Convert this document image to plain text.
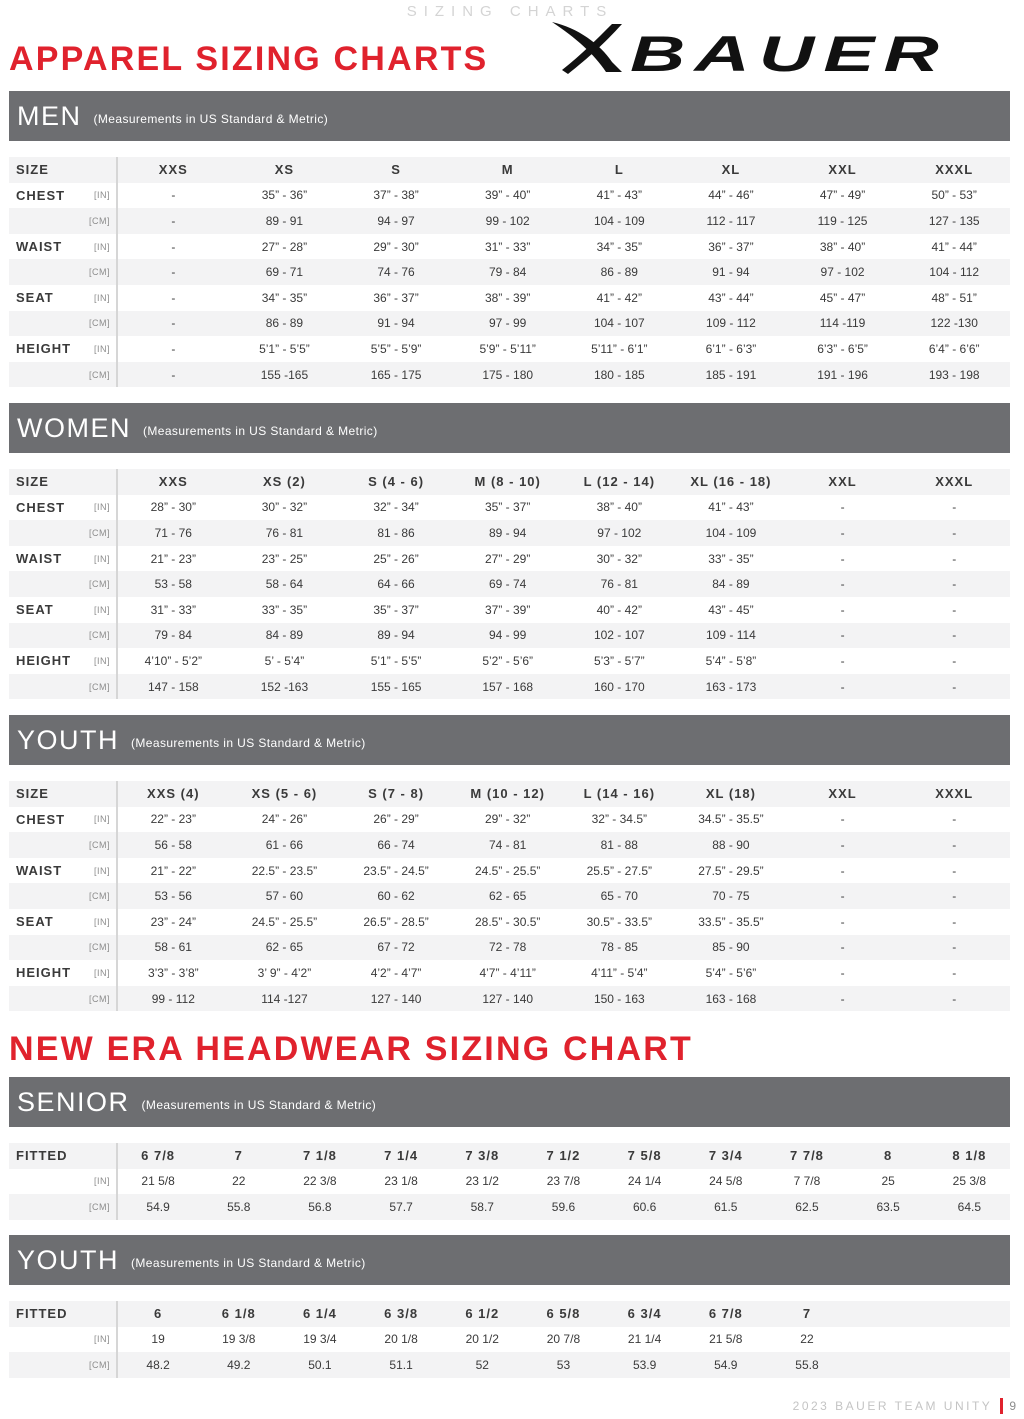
SIZING CHARTS
APPAREL SIZING CHARTS	BAUER
MEN (Measurements in US Standard & Metric)
SIZE		XXS	XS	S	M	L	XL	XXL	XXXL
CHEST	[IN]	-	35” - 36”	37” - 38”	39” - 40”	41” - 43”	44” - 46”	47” - 49”	50” - 53”
	[CM]	-	89 - 91	94 - 97	99 - 102	104 - 109	112 - 117	119 - 125	127 - 135
WAIST	[IN]	-	27” - 28”	29” - 30”	31” - 33”	34” - 35”	36” - 37”	38” - 40”	41” - 44”
	[CM]	-	69 - 71	74 - 76	79 - 84	86 - 89	91 - 94	97 - 102	104 - 112
SEAT	[IN]	-	34” - 35”	36” - 37”	38” - 39”	41” - 42”	43” - 44”	45” - 47”	48” - 51”
	[CM]	-	86 - 89	91 - 94	97 - 99	104 - 107	109 - 112	114 -119	122 -130
HEIGHT	[IN]	-	5’1” - 5’5”	5’5” - 5’9”	5’9” - 5’11”	5’11” - 6’1”	6’1” - 6’3”	6’3” - 6’5”	6’4” - 6’6”
	[CM]	-	155 -165	165 - 175	175 - 180	180 - 185	185 - 191	191 - 196	193 - 198
WOMEN (Measurements in US Standard & Metric)
SIZE		XXS	XS (2)	S (4 - 6)	M (8 - 10)	L (12 - 14)	XL (16 - 18)	XXL	XXXL
CHEST	[IN]	28” - 30”	30” - 32”	32” - 34”	35” - 37”	38” - 40”	41” - 43”	-	-
	[CM]	71 - 76	76 - 81	81 - 86	89 - 94	97 - 102	104 - 109	-	-
WAIST	[IN]	21” - 23”	23” - 25”	25” - 26”	27” - 29”	30” - 32”	33” - 35”	-	-
	[CM]	53 - 58	58 - 64	64 - 66	69 - 74	76 - 81	84 - 89	-	-
SEAT	[IN]	31” - 33”	33” - 35”	35” - 37”	37” - 39”	40” - 42”	43” - 45”	-	-
	[CM]	79 - 84	84 - 89	89 - 94	94 - 99	102 - 107	109 - 114	-	-
HEIGHT	[IN]	4’10” - 5’2”	5’ - 5’4”	5’1” - 5’5”	5’2” - 5’6”	5’3” - 5’7”	5’4” - 5’8”	-	-
	[CM]	147 - 158	152 -163	155 - 165	157 - 168	160 - 170	163 - 173	-	-
YOUTH (Measurements in US Standard & Metric)
SIZE		XXS (4)	XS (5 - 6)	S (7 - 8)	M (10 - 12)	L (14 - 16)	XL (18)	XXL	XXXL
CHEST	[IN]	22” - 23”	24” - 26”	26” - 29”	29” - 32”	32” - 34.5”	34.5” - 35.5”	-	-
	[CM]	56 - 58	61 - 66	66 - 74	74 - 81	81 - 88	88 - 90	-	-
WAIST	[IN]	21” - 22”	22.5” - 23.5”	23.5” - 24.5”	24.5” - 25.5”	25.5” - 27.5”	27.5” - 29.5”	-	-
	[CM]	53 - 56	57 - 60	60 - 62	62 - 65	65 - 70	70 - 75	-	-
SEAT	[IN]	23” - 24”	24.5” - 25.5”	26.5” - 28.5”	28.5” - 30.5”	30.5” - 33.5”	33.5” - 35.5”	-	-
	[CM]	58 - 61	62 - 65	67 - 72	72 - 78	78 - 85	85 - 90	-	-
HEIGHT	[IN]	3’3” - 3’8”	3’ 9” - 4’2”	4’2” - 4’7”	4’7” - 4’11”	4’11” - 5’4”	5’4” - 5’6”	-	-
	[CM]	99 - 112	114 -127	127 - 140	127 - 140	150 - 163	163 - 168	-	-
NEW ERA HEADWEAR SIZING CHART
SENIOR (Measurements in US Standard & Metric)
FITTED		6 7/8	7	7 1/8	7 1/4	7 3/8	7 1/2	7 5/8	7 3/4	7 7/8	8	8 1/8
	[IN]	21 5/8	22	22 3/8	23 1/8	23 1/2	23 7/8	24 1/4	24 5/8	7 7/8	25	25 3/8
	[CM]	54.9	55.8	56.8	57.7	58.7	59.6	60.6	61.5	62.5	63.5	64.5
YOUTH (Measurements in US Standard & Metric)
FITTED		6	6 1/8	6 1/4	6 3/8	6 1/2	6 5/8	6 3/4	6 7/8	7		
	[IN]	19	19 3/8	19 3/4	20 1/8	20 1/2	20 7/8	21 1/4	21 5/8	22		
	[CM]	48.2	49.2	50.1	51.1	52	53	53.9	54.9	55.8		
2023 BAUER TEAM UNITY 9
